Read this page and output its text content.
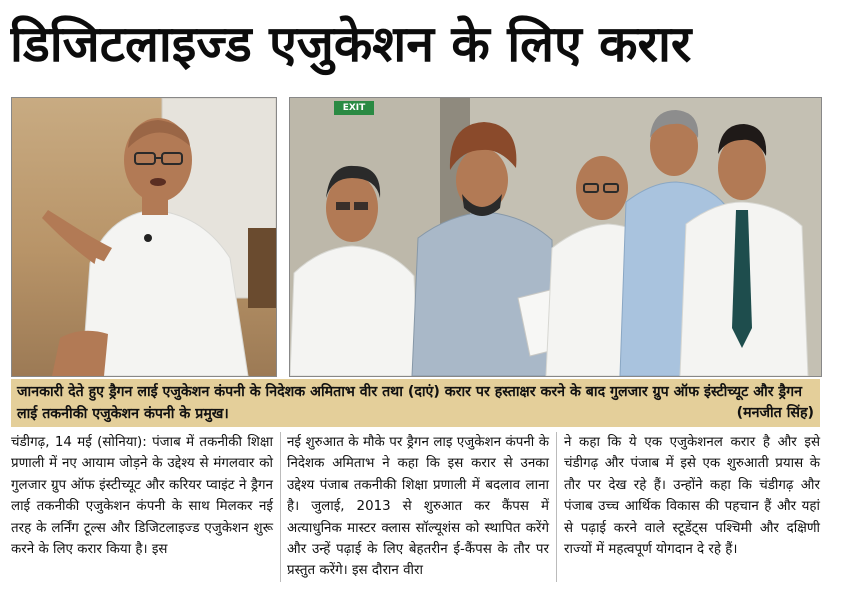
डिजिटलाइज्ड एजुकेशन के लिए करार
EXIT
जानकारी देते हुए ड्रैगन लाई एजुकेशन कंपनी के निदेशक अमिताभ वीर तथा (दाएं) करार पर हस्ताक्षर करने के बाद गुलजार ग्रुप ऑफ इंस्टीच्यूट और ड्रैगन लाई तकनीकी एजुकेशन कंपनी के प्रमुख।	(मनजीत सिंह)
चंडीगढ़, 14 मई (सोनिया): पंजाब में तकनीकी शिक्षा प्रणाली में नए आयाम जोड़ने के उद्देश्य से मंगलवार को गुलजार ग्रुप ऑफ इंस्टीच्यूट और करियर प्वाइंट ने ड्रैगन लाई तकनीकी एजुकेशन कंपनी के साथ मिलकर नई तरह के लर्निंग टूल्स और डिजिटलाइज्ड एजुकेशन शुरू करने के लिए करार किया है। इस
नई शुरुआत के मौके पर ड्रैगन लाइ एजुकेशन कंपनी के निदेशक अमिताभ ने कहा कि इस करार से उनका उद्देश्य पंजाब तकनीकी शिक्षा प्रणाली में बदलाव लाना है। जुलाई, 2013 से शुरुआत कर कैंपस में अत्याधुनिक मास्टर क्लास सॉल्यूशंस को स्थापित करेंगे और उन्हें पढ़ाई के लिए बेहतरीन ई-कैंपस के तौर पर प्रस्तुत करेंगे। इस दौरान वीरा
ने कहा कि ये एक एजुकेशनल करार है और इसे चंडीगढ़ और पंजाब में इसे एक शुरुआती प्रयास के तौर पर देख रहे हैं। उन्होंने कहा कि चंडीगढ़ और पंजाब उच्च आर्थिक विकास की पहचान हैं और यहां से पढ़ाई करने वाले स्टूडेंट्स पश्चिमी और दक्षिणी राज्यों में महत्वपूर्ण योगदान दे रहे हैं।
